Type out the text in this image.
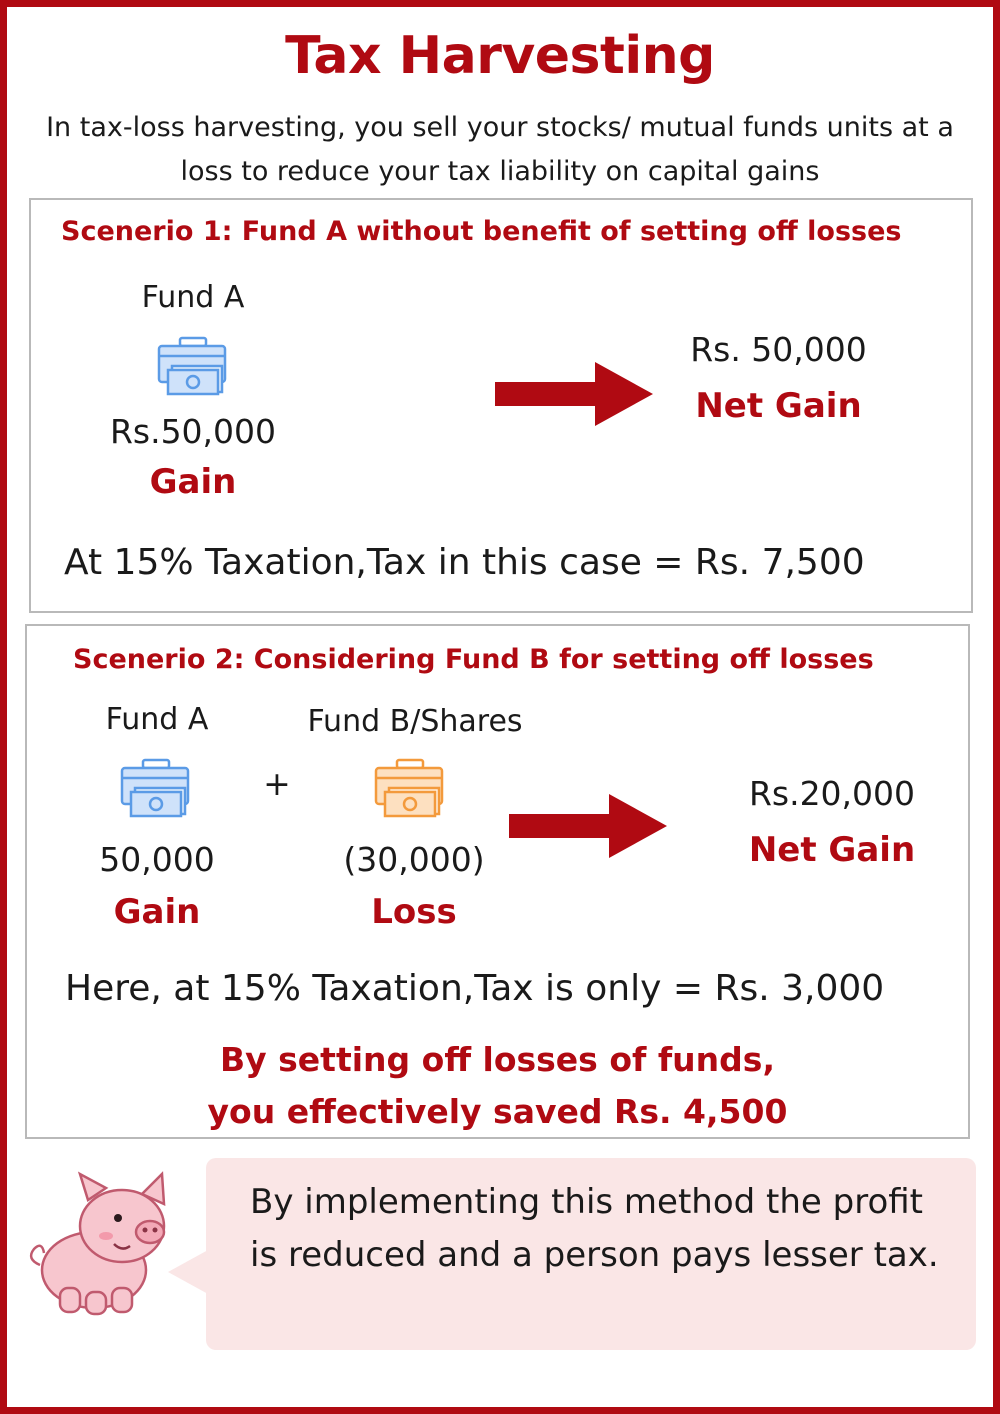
Tax Harvesting
In tax-loss harvesting, you sell your stocks/ mutual funds units at a loss to reduce your tax liability on capital gains
Scenerio 1: Fund A without benefit of setting off losses
Fund A
Rs.50,000
Gain
Rs. 50,000
Net Gain
At 15% Taxation,Tax in this case = Rs. 7,500
Scenerio 2: Considering Fund B for setting off losses
Fund A	Fund B/Shares
+
50,000
Gain
(30,000)
Loss
Rs.20,000
Net Gain
Here, at 15% Taxation,Tax is only = Rs. 3,000
By setting off losses of funds,
you effectively saved Rs. 4,500
By implementing this method the profit is reduced and a person pays lesser tax.
